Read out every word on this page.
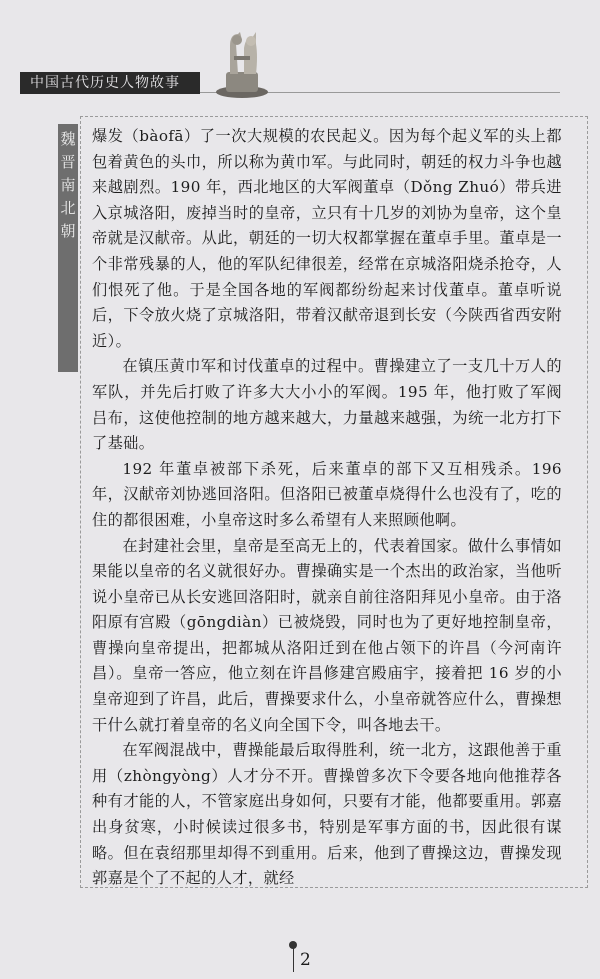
中国古代历史人物故事
魏
晋
南
北
朝

爆发（bàofā）了一次大规模的农民起义。因为每个起义军的头上都包着黄色的头巾，所以称为黄巾军。与此同时，朝廷的权力斗争也越来越剧烈。190 年，西北地区的大军阀董卓（Dǒng Zhuó）带兵进入京城洛阳，废掉当时的皇帝，立只有十几岁的刘协为皇帝，这个皇帝就是汉献帝。从此，朝廷的一切大权都掌握在董卓手里。董卓是一个非常残暴的人，他的军队纪律很差，经常在京城洛阳烧杀抢夺，人们恨死了他。于是全国各地的军阀都纷纷起来讨伐董卓。董卓听说后，下令放火烧了京城洛阳，带着汉献帝退到长安（今陕西省西安附近）。

在镇压黄巾军和讨伐董卓的过程中。曹操建立了一支几十万人的军队，并先后打败了许多大大小小的军阀。195 年，他打败了军阀吕布，这使他控制的地方越来越大，力量越来越强，为统一北方打下了基础。

192 年董卓被部下杀死，后来董卓的部下又互相残杀。196 年，汉献帝刘协逃回洛阳。但洛阳已被董卓烧得什么也没有了，吃的住的都很困难，小皇帝这时多么希望有人来照顾他啊。

在封建社会里，皇帝是至高无上的，代表着国家。做什么事情如果能以皇帝的名义就很好办。曹操确实是一个杰出的政治家，当他听说小皇帝已从长安逃回洛阳时，就亲自前往洛阳拜见小皇帝。由于洛阳原有宫殿（gōngdiàn）已被烧毁，同时也为了更好地控制皇帝，曹操向皇帝提出，把都城从洛阳迁到在他占领下的许昌（今河南许昌）。皇帝一答应，他立刻在许昌修建宫殿庙宇，接着把 16 岁的小皇帝迎到了许昌，此后，曹操要求什么，小皇帝就答应什么，曹操想干什么就打着皇帝的名义向全国下令，叫各地去干。

在军阀混战中，曹操能最后取得胜利，统一北方，这跟他善于重用（zhòngyòng）人才分不开。曹操曾多次下令要各地向他推荐各种有才能的人，不管家庭出身如何，只要有才能，他都要重用。郭嘉出身贫寒，小时候读过很多书，特别是军事方面的书，因此很有谋略。但在袁绍那里却得不到重用。后来，他到了曹操这边，曹操发现郭嘉是个了不起的人才，就经

2
